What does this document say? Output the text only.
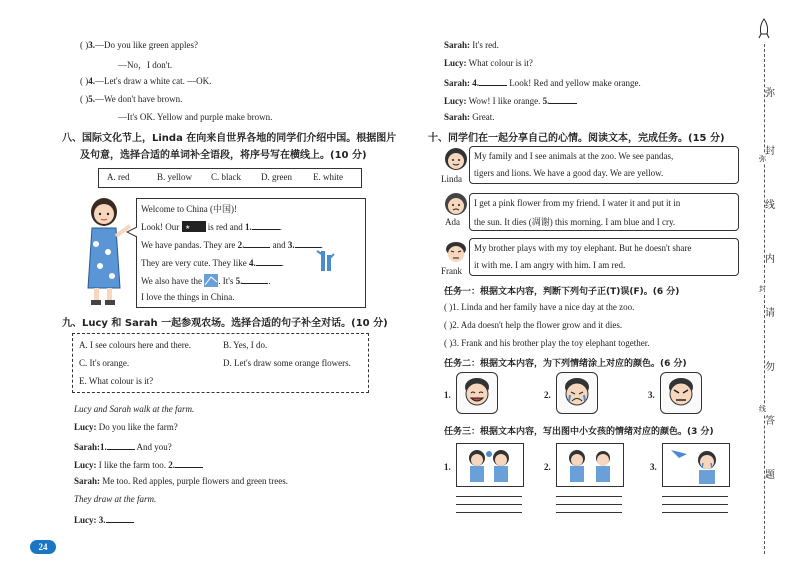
( )3.—Do you like green apples?
—No，I don't.
( )4.—Let's draw a white cat. —OK.
( )5.—We don't have brown.
—It's OK. Yellow and purple make brown.
八、国际文化节上，Linda 在向来自世界各地的同学们介绍中国。根据图片
及句意，选择合适的单词补全语段，将序号写在横线上。(10 分)
A. red	B. yellow C. black D. green E. white
Welcome to China (中国)!
Look! Our ★ is red and 1.	.
We have pandas. They are 2.	and 3.	.
They are very cute. They like 4.	.
We also have the . It's 5.	.
I love the things in China.
九、Lucy 和 Sarah 一起参观农场。选择合适的句子补全对话。(10 分)
A. I see colours here and there.	B. Yes, I do.
C. It's orange.	D. Let's draw some orange flowers.
E. What colour is it?
Lucy and Sarah walk at the farm.
Lucy: Do you like the farm?
Sarah:1.	And you?
Lucy: I like the farm too. 2.
Sarah: Me too. Red apples, purple flowers and green trees.
They draw at the farm.
Lucy: 3.
24
Sarah: It's red.
Lucy: What colour is it?
Sarah: 4.	Look! Red and yellow make orange.
Lucy: Wow! I like orange. 5.
Sarah: Great.
十、同学们在一起分享自己的心情。阅读文本，完成任务。(15 分)
Linda
My family and I see animals at the zoo. We see pandas,
tigers and lions. We have a good day. We are yellow.
Ada
I get a pink flower from my friend. I water it and put it in
the sun. It dies (凋谢) this morning. I am blue and I cry.
Frank
My brother plays with my toy elephant. But he doesn't share
it with me. I am angry with him. I am red.
任务一：根据文本内容，判断下列句子正(T)误(F)。(6 分)
( )1. Linda and her family have a nice day at the zoo.
( )2. Ada doesn't help the flower grow and it dies.
( )3. Frank and his brother play the toy elephant together.
任务二：根据文本内容，为下列情绪涂上对应的颜色。(6 分)
1.	2.	3.
任务三：根据文本内容，写出图中小女孩的情绪对应的颜色。(3 分)
1.	2.	3.
弥
封
线
弥
封
线
内
请
勿
答
题
